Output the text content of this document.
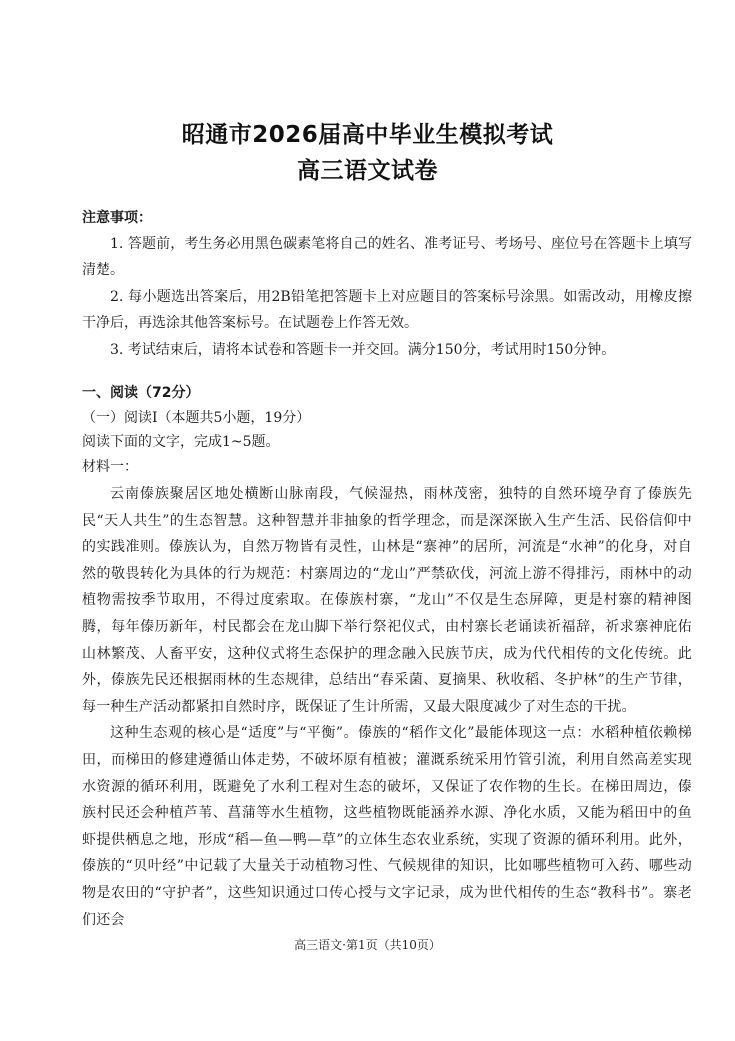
昭通市2026届高中毕业生模拟考试
高三语文试卷
注意事项：

1. 答题前，考生务必用黑色碳素笔将自己的姓名、准考证号、考场号、座位号在答题卡上填写清楚。

2. 每小题选出答案后，用2B铅笔把答题卡上对应题目的答案标号涂黑。如需改动，用橡皮擦干净后，再选涂其他答案标号。在试题卷上作答无效。

3. 考试结束后，请将本试卷和答题卡一并交回。满分150分，考试用时150分钟。

一、阅读（72分）

（一）阅读Ⅰ（本题共5小题，19分）

阅读下面的文字，完成1~5题。

材料一：

云南傣族聚居区地处横断山脉南段，气候湿热，雨林茂密，独特的自然环境孕育了傣族先民“天人共生”的生态智慧。这种智慧并非抽象的哲学理念，而是深深嵌入生产生活、民俗信仰中的实践准则。傣族认为，自然万物皆有灵性，山林是“寨神”的居所，河流是“水神”的化身，对自然的敬畏转化为具体的行为规范：村寨周边的“龙山”严禁砍伐，河流上游不得排污，雨林中的动植物需按季节取用，不得过度索取。在傣族村寨，“龙山”不仅是生态屏障，更是村寨的精神图腾，每年傣历新年，村民都会在龙山脚下举行祭祀仪式，由村寨长老诵读祈福辞，祈求寨神庇佑山林繁茂、人畜平安，这种仪式将生态保护的理念融入民族节庆，成为代代相传的文化传统。此外，傣族先民还根据雨林的生态规律，总结出“春采菌、夏摘果、秋收稻、冬护林”的生产节律，每一种生产活动都紧扣自然时序，既保证了生计所需，又最大限度减少了对生态的干扰。

这种生态观的核心是“适度”与“平衡”。傣族的“稻作文化”最能体现这一点：水稻种植依赖梯田，而梯田的修建遵循山体走势，不破坏原有植被；灌溉系统采用竹管引流，利用自然高差实现水资源的循环利用，既避免了水利工程对生态的破坏，又保证了农作物的生长。在梯田周边，傣族村民还会种植芦苇、菖蒲等水生植物，这些植物既能涵养水源、净化水质，又能为稻田中的鱼虾提供栖息之地，形成“稻—鱼—鸭—草”的立体生态农业系统，实现了资源的循环利用。此外，傣族的“贝叶经”中记载了大量关于动植物习性、气候规律的知识，比如哪些植物可入药、哪些动物是农田的“守护者”，这些知识通过口传心授与文字记录，成为世代相传的生态“教科书”。寨老们还会

高三语文·第1页（共10页）
